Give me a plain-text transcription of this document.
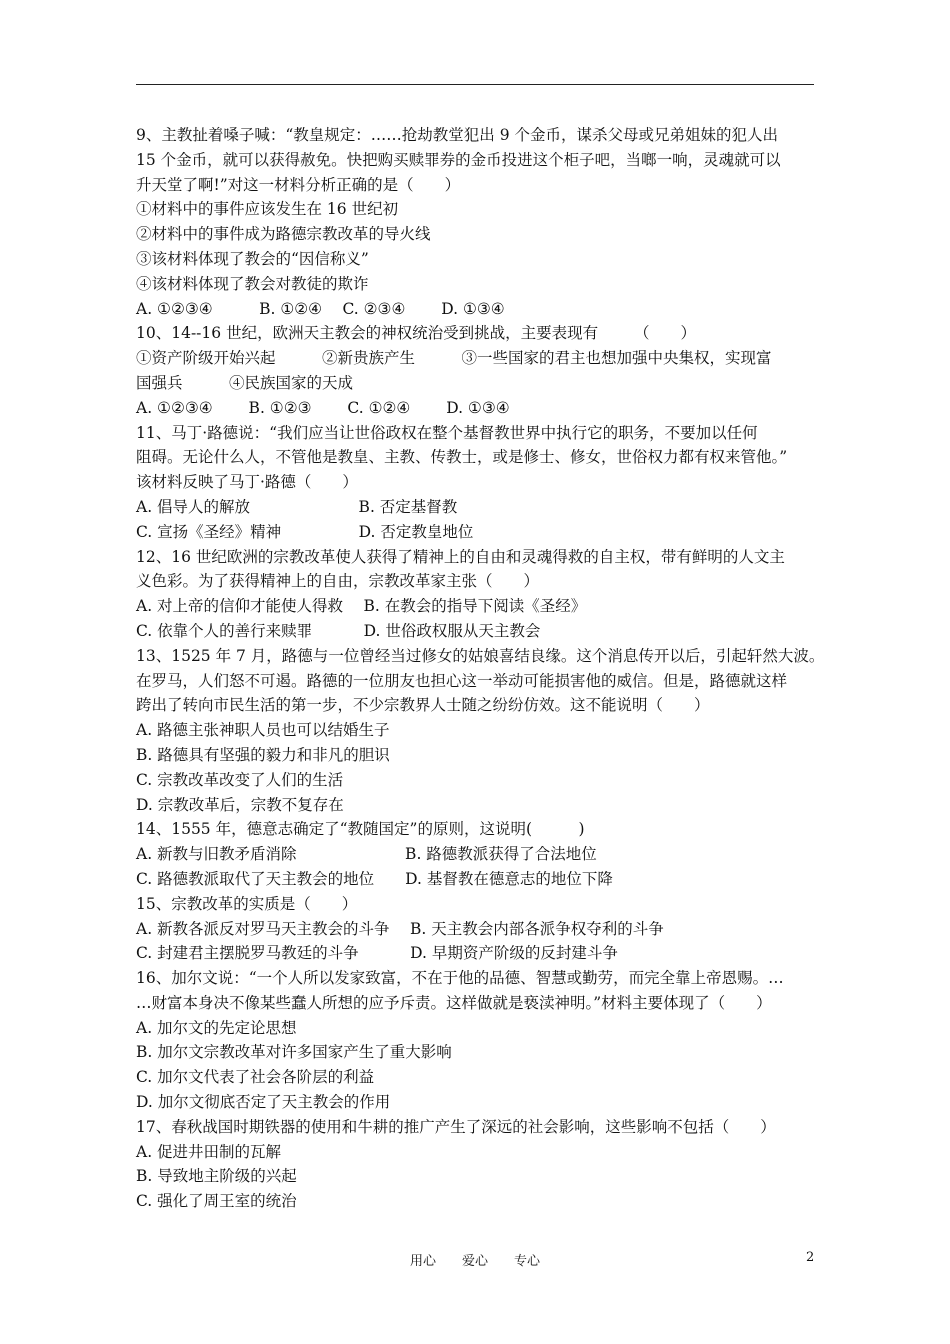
9、主教扯着嗓子喊：“教皇规定：……抢劫教堂犯出 9 个金币，谋杀父母或兄弟姐妹的犯人出
15 个金币，就可以获得赦免。快把购买赎罪券的金币投进这个柜子吧，当啷一响，灵魂就可以
升天堂了啊!”对这一材料分析正确的是（　　）
①材料中的事件应该发生在 16 世纪初
②材料中的事件成为路德宗教改革的导火线
③该材料体现了教会的“因信称义”
④该材料体现了教会对教徒的欺诈
A. ①②③④　　　B. ①②④　 C. ②③④　　 D. ①③④
10、14--16 世纪，欧洲天主教会的神权统治受到挑战，主要表现有　　 （　　）
①资产阶级开始兴起　　　②新贵族产生　　　③一些国家的君主也想加强中央集权，实现富
国强兵　　　④民族国家的天成
A. ①②③④　　 B. ①②③　　 C. ①②④　　 D. ①③④
11、马丁·路德说：“我们应当让世俗政权在整个基督教世界中执行它的职务，不要加以任何
阻碍。无论什么人，不管他是教皇、主教、传教士，或是修士、修女，世俗权力都有权来管他。”
该材料反映了马丁·路德（　　）
A. 倡导人的解放　　　　　　　B. 否定基督教
C. 宣扬《圣经》精神　　　　　D. 否定教皇地位
12、16 世纪欧洲的宗教改革使人获得了精神上的自由和灵魂得救的自主权，带有鲜明的人文主
义色彩。为了获得精神上的自由，宗教改革家主张（　　）
A. 对上帝的信仰才能使人得救　 B. 在教会的指导下阅读《圣经》
C. 依靠个人的善行来赎罪　　　 D. 世俗政权服从天主教会
13、1525 年 7 月，路德与一位曾经当过修女的姑娘喜结良缘。这个消息传开以后，引起轩然大波。
在罗马，人们怒不可遏。路德的一位朋友也担心这一举动可能损害他的威信。但是，路德就这样
跨出了转向市民生活的第一步，不少宗教界人士随之纷纷仿效。这不能说明（　　）
A. 路德主张神职人员也可以结婚生子
B. 路德具有坚强的毅力和非凡的胆识
C. 宗教改革改变了人们的生活
D. 宗教改革后，宗教不复存在
14、1555 年，德意志确定了“教随国定”的原则，这说明(　　　)
A. 新教与旧教矛盾消除　　　　　　　B. 路德教派获得了合法地位
C. 路德教派取代了天主教会的地位　　D. 基督教在德意志的地位下降
15、宗教改革的实质是（　　）
A. 新教各派反对罗马天主教会的斗争　 B. 天主教会内部各派争权夺利的斗争
C. 封建君主摆脱罗马教廷的斗争　　　 D. 早期资产阶级的反封建斗争
16、加尔文说：“一个人所以发家致富，不在于他的品德、智慧或勤劳，而完全靠上帝恩赐。…
…财富本身决不像某些蠢人所想的应予斥责。这样做就是亵渎神明。”材料主要体现了（　　）
A. 加尔文的先定论思想
B. 加尔文宗教改革对许多国家产生了重大影响
C. 加尔文代表了社会各阶层的利益
D. 加尔文彻底否定了天主教会的作用
17、春秋战国时期铁器的使用和牛耕的推广产生了深远的社会影响，这些影响不包括（　　）
A. 促进井田制的瓦解
B. 导致地主阶级的兴起
C. 强化了周王室的统治
用心　　爱心　　专心	2
